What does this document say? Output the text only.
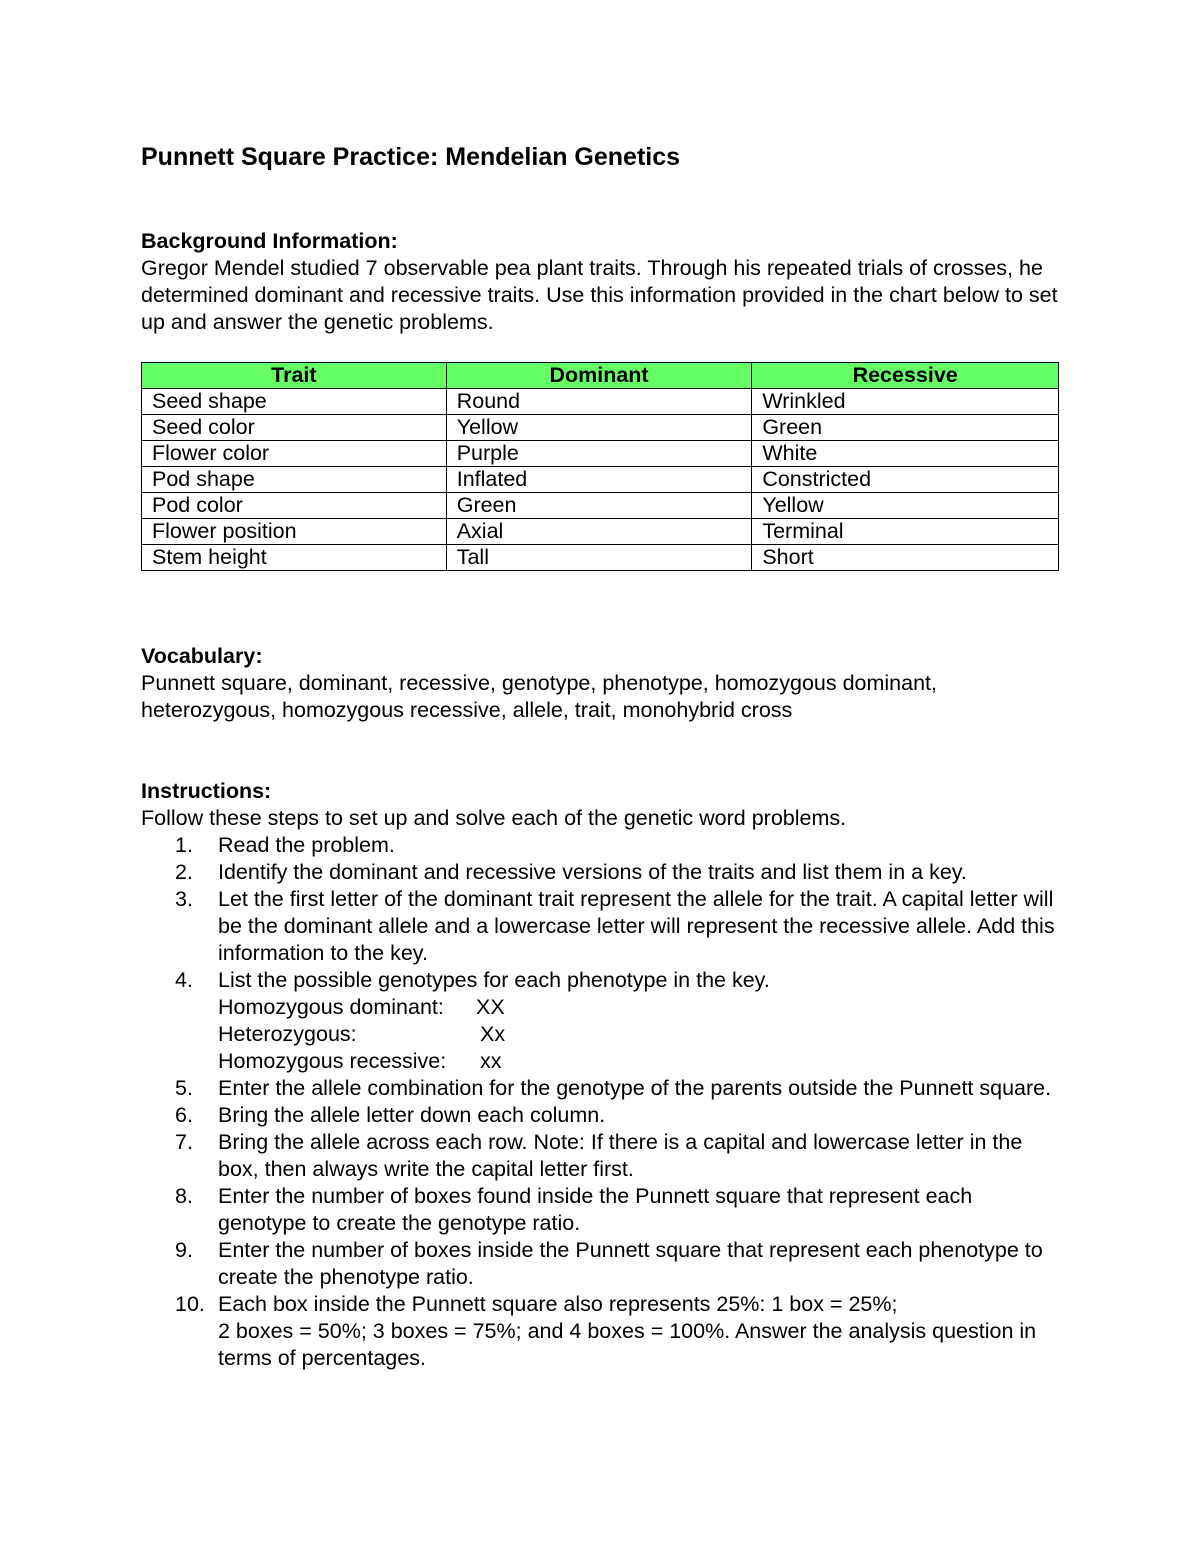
Punnett Square Practice: Mendelian Genetics
Background Information:

Gregor Mendel studied 7 observable pea plant traits. Through his repeated trials of crosses, he determined dominant and recessive traits. Use this information provided in the chart below to set up and answer the genetic problems.

Trait	Dominant	Recessive
Seed shape	Round	Wrinkled
Seed color	Yellow	Green
Flower color	Purple	White
Pod shape	Inflated	Constricted
Pod color	Green	Yellow
Flower position	Axial	Terminal
Stem height	Tall	Short
Vocabulary:

Punnett square, dominant, recessive, genotype, phenotype, homozygous dominant, heterozygous, homozygous recessive, allele, trait, monohybrid cross

Instructions:

Follow these steps to set up and solve each of the genetic word problems.

1. Read the problem.
2. Identify the dominant and recessive versions of the traits and list them in a key.
3. Let the first letter of the dominant trait represent the allele for the trait. A capital letter will be the dominant allele and a lowercase letter will represent the recessive allele. Add this information to the key.
4. List the possible genotypes for each phenotype in the key.
Homozygous dominant: XX
Heterozygous:	Xx
Homozygous recessive: xx
5. Enter the allele combination for the genotype of the parents outside the Punnett square.
6. Bring the allele letter down each column.
7. Bring the allele across each row. Note: If there is a capital and lowercase letter in the box, then always write the capital letter first.
8. Enter the number of boxes found inside the Punnett square that represent each genotype to create the genotype ratio.
9. Enter the number of boxes inside the Punnett square that represent each phenotype to create the phenotype ratio.
10. Each box inside the Punnett square also represents 25%: 1 box = 25%;
2 boxes = 50%; 3 boxes = 75%; and 4 boxes = 100%. Answer the analysis question in terms of percentages.
